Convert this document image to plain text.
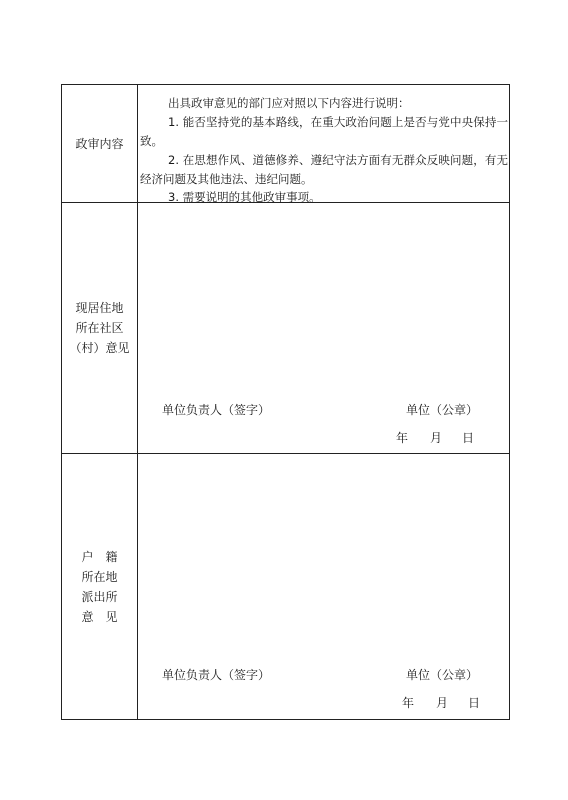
政审内容
出具政审意见的部门应对照以下内容进行说明：
1. 能否坚持党的基本路线，在重大政治问题上是否与党中央保持一致。
2. 在思想作风、道德修养、遵纪守法方面有无群众反映问题，有无经济问题及其他违法、违纪问题。
3. 需要说明的其他政审事项。
现居住地
所在社区
（村）意见
单位负责人（签字）	单位（公章）
年 月 日
户　籍
所在地
派出所
意　见
单位负责人（签字）	单位（公章）
年 月 日
